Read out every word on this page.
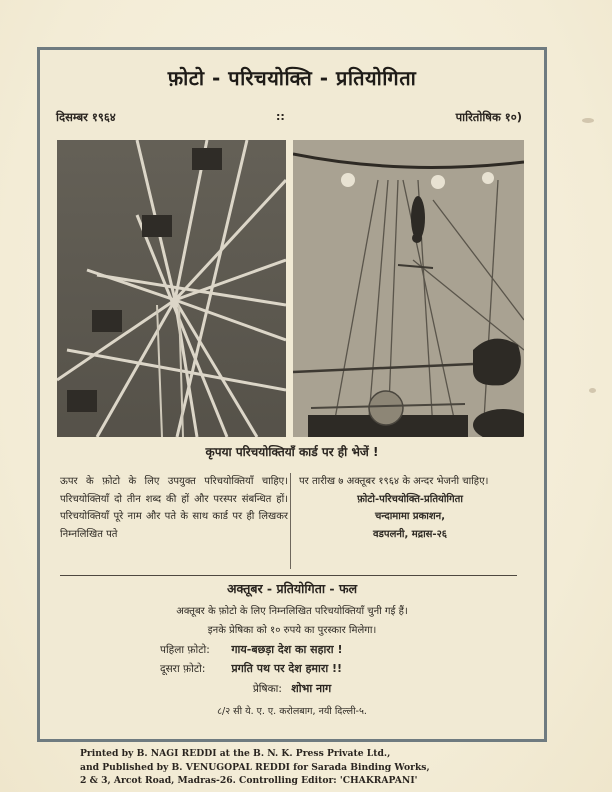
फ़ोटो - परिचयोक्ति - प्रतियोगिता
दिसम्बर १९६४	::	पारितोषिक १०)
कृपया परिचयोक्तियाँ कार्ड पर ही भेजें !
ऊपर के फ़ोटो के लिए उपयुक्त परिचयोक्तियाँ चाहिए। परिचयोक्तियाँ दो तीन शब्द की हों और परस्पर संबन्धित हों। परिचयोक्तियाँ पूरे नाम और पते के साथ कार्ड पर ही लिखकर निम्नलिखित पते
पर तारीख ७ अक्तूबर १९६४ के अन्दर भेजनी चाहिए।
फ़ोटो-परिचयोक्ति-प्रतियोगिता
चन्दामामा प्रकाशन,
वडपलनी, मद्रास-२६
अक्तूबर - प्रतियोगिता - फल
अक्तूबर के फ़ोटो के लिए निम्नलिखित परिचयोक्तियाँ चुनी गई हैं।
इनके प्रेषिका को १० रुपये का पुरस्कार मिलेगा।
पहिला फ़ोटो: गाय-बछड़ा देश का सहारा !
दूसरा फ़ोटो: प्रगति पथ पर देश हमारा !!
प्रेषिका: शोभा नाग
८/२ सी ये. ए. ए. करोलबाग, नयी दिल्ली-५.
Printed by B. NAGI REDDI at the B. N. K. Press Private Ltd.,
and Published by B. VENUGOPAL REDDI for Sarada Binding Works,
2 & 3, Arcot Road, Madras-26. Controlling Editor: 'CHAKRAPANI'
